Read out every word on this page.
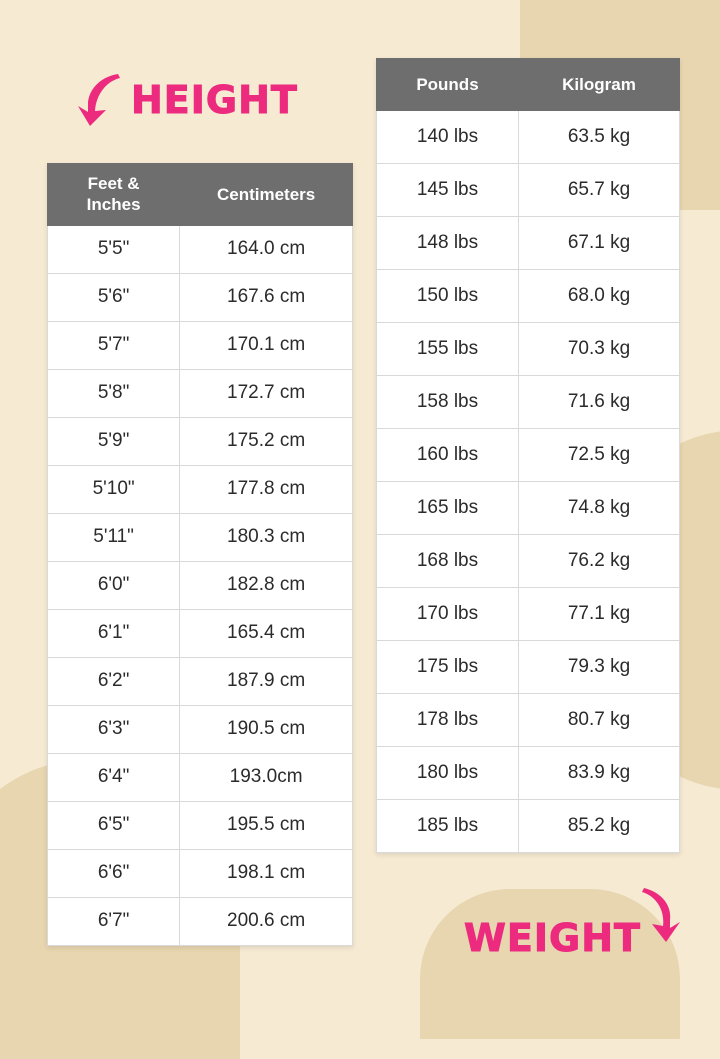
HEIGHT
Feet &
Inches	Centimeters
5'5"	164.0 cm
5'6"	167.6 cm
5'7"	170.1 cm
5'8"	172.7 cm
5'9"	175.2 cm
5'10"	177.8 cm
5'11"	180.3 cm
6'0"	182.8 cm
6'1"	165.4 cm
6'2"	187.9 cm
6'3"	190.5 cm
6'4"	193.0cm
6'5"	195.5 cm
6'6"	198.1 cm
6'7"	200.6 cm
Pounds	Kilogram
140 lbs	63.5 kg
145 lbs	65.7 kg
148 lbs	67.1 kg
150 lbs	68.0 kg
155 lbs	70.3 kg
158 lbs	71.6 kg
160 lbs	72.5 kg
165 lbs	74.8 kg
168 lbs	76.2 kg
170 lbs	77.1 kg
175 lbs	79.3 kg
178 lbs	80.7 kg
180 lbs	83.9 kg
185 lbs	85.2 kg
WEIGHT
